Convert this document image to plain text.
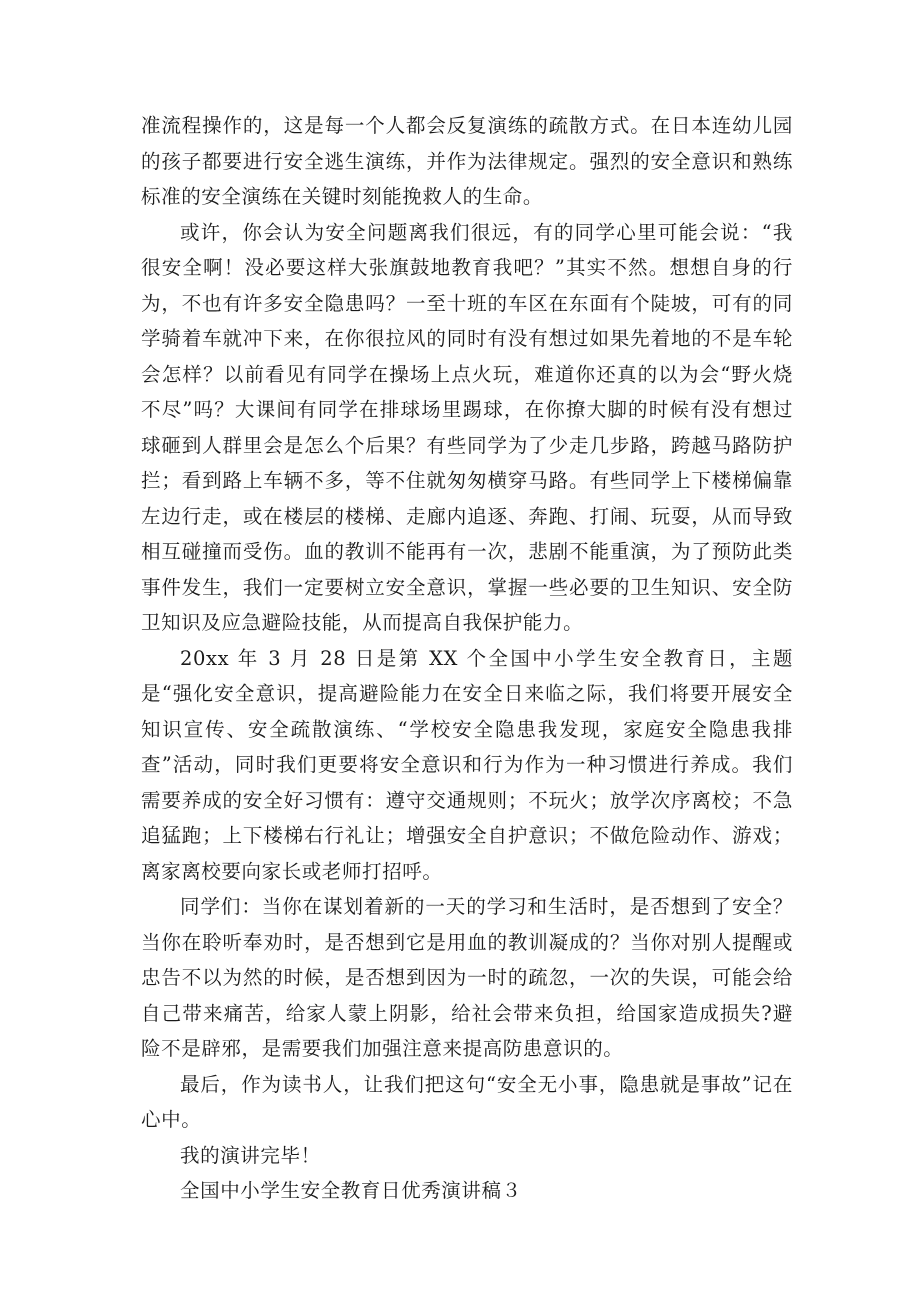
准流程操作的，这是每一个人都会反复演练的疏散方式。在日本连幼儿园的孩子都要进行安全逃生演练，并作为法律规定。强烈的安全意识和熟练标准的安全演练在关键时刻能挽救人的生命。

或许，你会认为安全问题离我们很远，有的同学心里可能会说：“我很安全啊！没必要这样大张旗鼓地教育我吧？”其实不然。想想自身的行为，不也有许多安全隐患吗？一至十班的车区在东面有个陡坡，可有的同学骑着车就冲下来，在你很拉风的同时有没有想过如果先着地的不是车轮会怎样？以前看见有同学在操场上点火玩，难道你还真的以为会“野火烧不尽”吗？大课间有同学在排球场里踢球，在你撩大脚的时候有没有想过球砸到人群里会是怎么个后果？有些同学为了少走几步路，跨越马路防护拦；看到路上车辆不多，等不住就匆匆横穿马路。有些同学上下楼梯偏靠左边行走，或在楼层的楼梯、走廊内追逐、奔跑、打闹、玩耍，从而导致相互碰撞而受伤。血的教训不能再有一次，悲剧不能重演，为了预防此类事件发生，我们一定要树立安全意识，掌握一些必要的卫生知识、安全防卫知识及应急避险技能，从而提高自我保护能力。

20xx 年 3 月 28 日是第 XX 个全国中小学生安全教育日，主题是“强化安全意识，提高避险能力在安全日来临之际，我们将要开展安全知识宣传、安全疏散演练、“学校安全隐患我发现，家庭安全隐患我排查”活动，同时我们更要将安全意识和行为作为一种习惯进行养成。我们需要养成的安全好习惯有：遵守交通规则；不玩火；放学次序离校；不急追猛跑；上下楼梯右行礼让；增强安全自护意识；不做危险动作、游戏；离家离校要向家长或老师打招呼。

同学们：当你在谋划着新的一天的学习和生活时，是否想到了安全？当你在聆听奉劝时，是否想到它是用血的教训凝成的？当你对别人提醒或忠告不以为然的时候，是否想到因为一时的疏忽，一次的失误，可能会给自己带来痛苦，给家人蒙上阴影，给社会带来负担，给国家造成损失?避险不是辟邪，是需要我们加强注意来提高防患意识的。

最后，作为读书人，让我们把这句“安全无小事，隐患就是事故”记在心中。

我的演讲完毕！

全国中小学生安全教育日优秀演讲稿３
